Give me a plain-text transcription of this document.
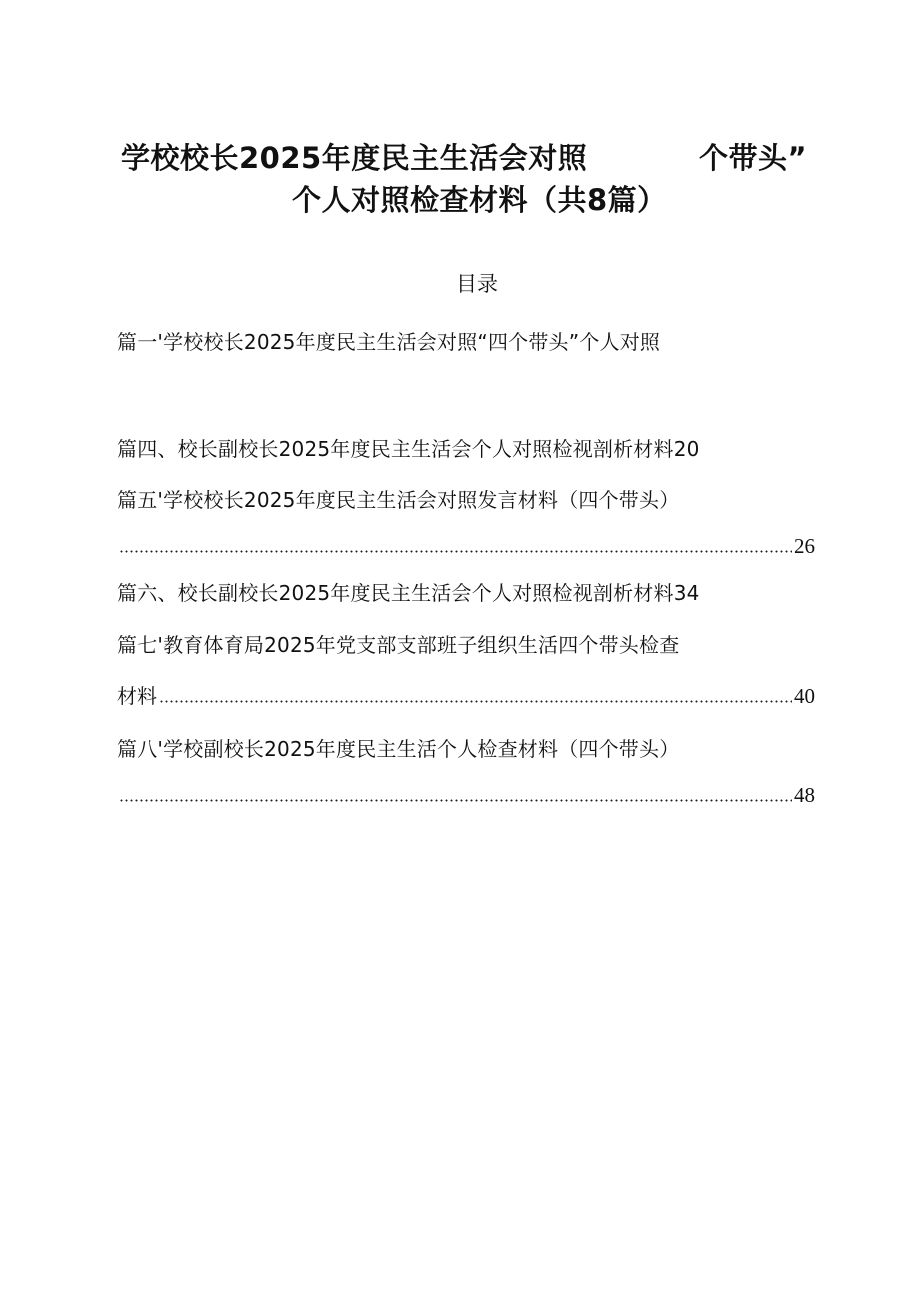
学校校长2025年度民主生活会对照	个带头”
个人对照检查材料（共8篇）
目录
篇一'学校校长2025年度民主生活会对照“四个带头”个人对照
篇四、校长副校长2025年度民主生活会个人对照检视剖析材料20
篇五'学校校长2025年度民主生活会对照发言材料（四个带头）
26
篇六、校长副校长2025年度民主生活会个人对照检视剖析材料34
篇七'教育体育局2025年党支部支部班子组织生活四个带头检查
材料	40
篇八'学校副校长2025年度民主生活个人检查材料（四个带头）
48
